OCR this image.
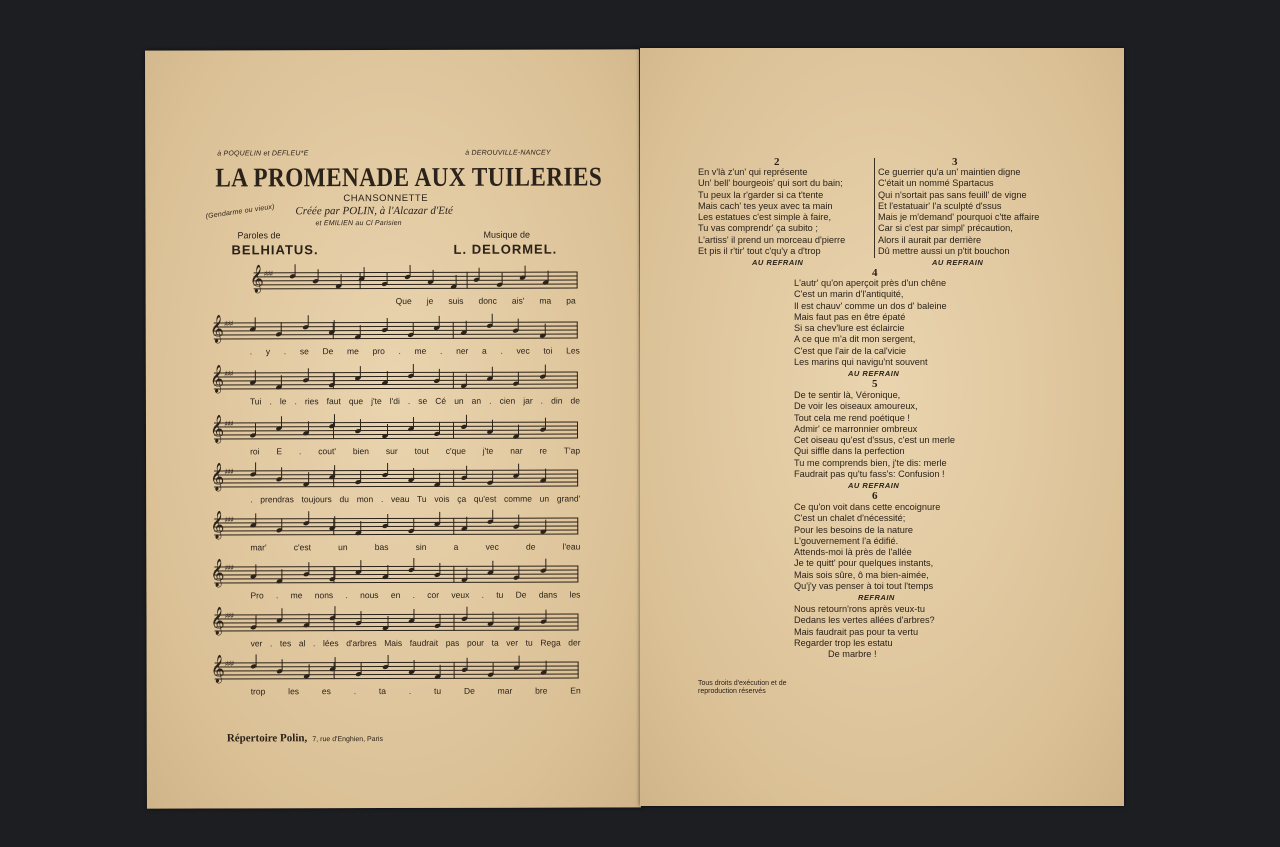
à POQUELIN et DEFLEU*E	à DEROUVILLE-NANCEY
LA PROMENADE AUX TUILERIES
CHANSONNETTE
(Gendarme ou vieux) Créée par POLIN, à l'Alcazar d'Eté
et EMILIEN au Cl Parisien
Paroles de
BELHIATUS.
Musique de
L. DELORMEL.
𝄞 ♯♯♯
Que je suis donc ais' ma pa
𝄞 ♯♯♯
. y . se De me pro . me . ner a . vec toi Les
𝄞 ♯♯♯
Tui . le . ries faut que j'te l'di . se Cé un an . cien jar . din de
𝄞 ♯♯♯
roi E . cout' bien sur tout c'que j'te nar re T'ap
𝄞 ♯♯♯
. prendras toujours du mon . veau Tu vois ça qu'est comme un grand'
𝄞 ♯♯♯
mar' c'est un bas sin a vec de l'eau
𝄞 ♯♯♯
Pro . me nons . nous en . cor veux . tu De dans les
𝄞 ♯♯♯
ver . tes al . lées d'arbres Mais faudrait pas pour ta ver tu Rega der
𝄞 ♯♯♯
trop les es . ta . tu De mar bre En
Répertoire Polin, 7, rue d'Enghien, Paris
2
En v'là z'un' qui représente
Un' bell' bourgeois' qui sort du bain;
Tu peux la r'garder si ca t'tente
Mais cach' tes yeux avec ta main
Les estatues c'est simple à faire,
Tu vas comprendr' ça subito ;
L'artiss' il prend un morceau d'pierre
Et pis il r'tir' tout c'qu'y a d'trop
AU REFRAIN
3
Ce guerrier qu'a un' maintien digne
C'était un nommé Spartacus
Qui n'sortait pas sans feuill' de vigne
Et l'estatuair' l'a sculpté d'ssus
Mais je m'demand' pourquoi c'tte affaire
Car si c'est par simpl' précaution,
Alors il aurait par derrière
Dû mettre aussi un p'tit bouchon
AU REFRAIN
4
L'autr' qu'on aperçoit près d'un chêne
C'est un marin d'l'antiquité,
Il est chauv' comme un dos d' baleine
Mais faut pas en être épaté
Si sa chev'lure est éclaircie
A ce que m'a dit mon sergent,
C'est que l'air de la cal'vicie
Les marins qui navigu'nt souvent
AU REFRAIN
5
De te sentir là, Véronique,
De voir les oiseaux amoureux,
Tout cela me rend poétique !
Admir' ce marronnier ombreux
Cet oiseau qu'est d'ssus, c'est un merle
Qui siffle dans la perfection
Tu me comprends bien, j'te dis: merle
Faudrait pas qu'tu fass's: Confusion !
AU REFRAIN
6
Ce qu'on voit dans cette encoignure
C'est un chalet d'nécessité;
Pour les besoins de la nature
L'gouvernement l'a édifié.
Attends-moi là près de l'allée
Je te quitt' pour quelques instants,
Mais sois sûre, ô ma bien-aimée,
Qu'j'y vas penser à toi tout l'temps
REFRAIN
Nous retourn'rons après veux-tu
Dedans les vertes allées d'arbres?
Mais faudrait pas pour ta vertu
Regarder trop les estatu
De marbre !
Tous droits d'exécution et de
reproduction réservés
